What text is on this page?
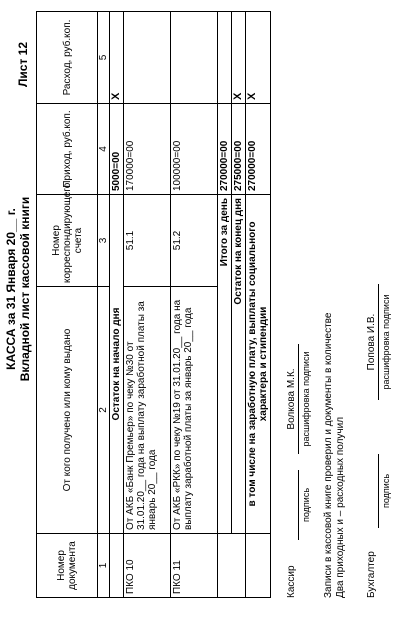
Лист 12
КАССА за 31 Января 20__ г. Вкладной лист кассовой книги
Номер документа	От кого получено или кому выдано	Номер корреспондирующего счета	Приход, руб.коп.	Расход, руб.коп.
1	2	3	4	5
	Остаток на начало дня		5000=00	X
ПКО 10	От АКБ «Банк Премьер» по чеку №30 от 31.01.20__ года на выплату заработной платы за январь 20__ года	51.1	170000=00	
ПКО 11	От АКБ «РКК» по чеку №19 от 31.01.20__ года на выплату заработной платы за январь 20__ года	51.2	100000=00	
	Итого за день		270000=00	
	Остаток на конец дня		275000=00	X
	в том числе на заработную плату, выплаты социального характера и стипендии		270000=00	X
Кассир
подпись
Волкова М.К. расшифровка подписи Записи в кассовой книге проверил и документы в количестве Два приходных и – расходных получил Бухгалтер
подпись
Попова И.В. расшифровка подписи
